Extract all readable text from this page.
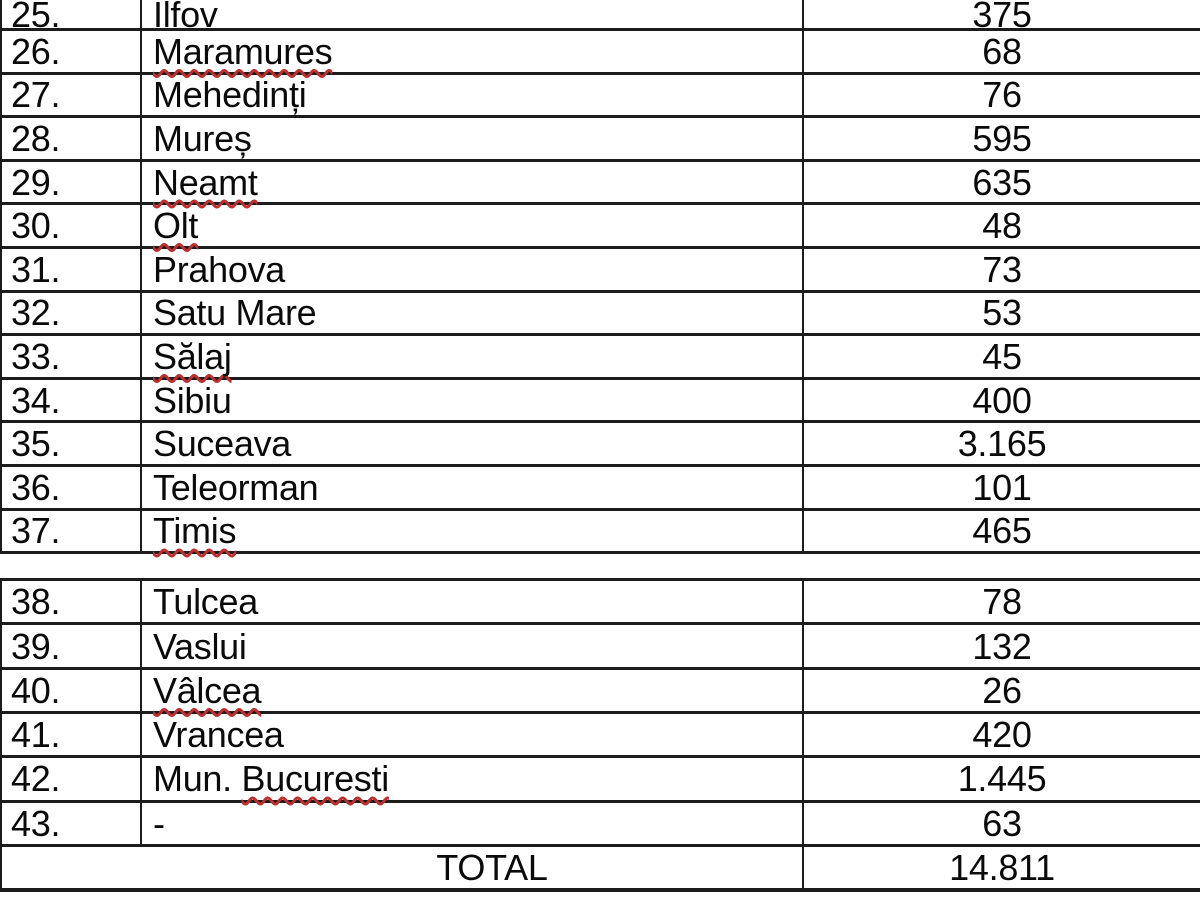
25.	Ilfov	375
26.	Maramures	68
27.	Mehedinți	76
28.	Mureș	595
29.	Neamt	635
30.	Olt	48
31.	Prahova	73
32.	Satu Mare	53
33.	Sălaj	45
34.	Sibiu	400
35.	Suceava	3.165
36.	Teleorman	101
37.	Timis	465
38.	Tulcea	78
39.	Vaslui	132
40.	Vâlcea	26
41.	Vrancea	420
42.	Mun. Bucuresti	1.445
43.	-	63
TOTAL	14.811
